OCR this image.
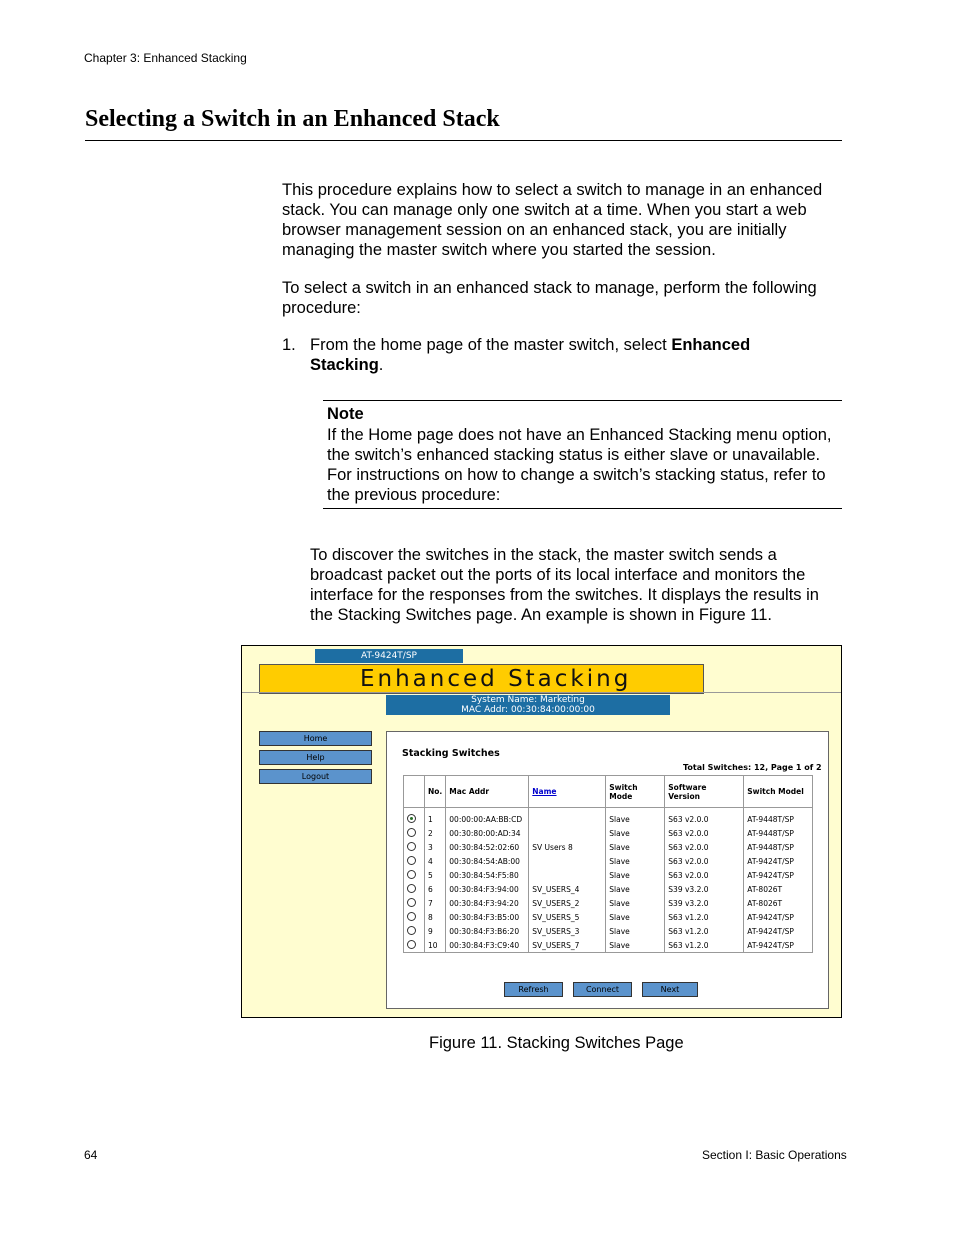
Chapter 3: Enhanced Stacking
Selecting a Switch in an Enhanced Stack
This procedure explains how to select a switch to manage in an enhanced stack. You can manage only one switch at a time. When you start a web browser management session on an enhanced stack, you are initially managing the master switch where you started the session.
To select a switch in an enhanced stack to manage, perform the following procedure:
1. From the home page of the master switch, select Enhanced Stacking.
Note
If the Home page does not have an Enhanced Stacking menu option, the switch’s enhanced stacking status is either slave or unavailable. For instructions on how to change a switch’s stacking status, refer to the previous procedure:
To discover the switches in the stack, the master switch sends a broadcast packet out the ports of its local interface and monitors the interface for the responses from the switches. It displays the results in the Stacking Switches page. An example is shown in Figure 11.
AT-9424T/SP
Enhanced Stacking
System Name: Marketing
MAC Addr: 00:30:84:00:00:00
Home
Help
Logout
Stacking Switches
Total Switches: 12, Page 1 of 2
	No.	Mac Addr	Name	Switch Mode	Software Version	Switch Model
	1	00:00:00:AA:BB:CD		Slave	S63 v2.0.0	AT-9448T/SP
	2	00:30:80:00:AD:34		Slave	S63 v2.0.0	AT-9448T/SP
	3	00:30:84:52:02:60	SV Users 8	Slave	S63 v2.0.0	AT-9448T/SP
	4	00:30:84:54:AB:00		Slave	S63 v2.0.0	AT-9424T/SP
	5	00:30:84:54:F5:80		Slave	S63 v2.0.0	AT-9424T/SP
	6	00:30:84:F3:94:00	SV_USERS_4	Slave	S39 v3.2.0	AT-8026T
	7	00:30:84:F3:94:20	SV_USERS_2	Slave	S39 v3.2.0	AT-8026T
	8	00:30:84:F3:B5:00	SV_USERS_5	Slave	S63 v1.2.0	AT-9424T/SP
	9	00:30:84:F3:B6:20	SV_USERS_3	Slave	S63 v1.2.0	AT-9424T/SP
	10	00:30:84:F3:C9:40	SV_USERS_7	Slave	S63 v1.2.0	AT-9424T/SP
Refresh	Connect	Next
Figure 11. Stacking Switches Page
64	Section I: Basic Operations
